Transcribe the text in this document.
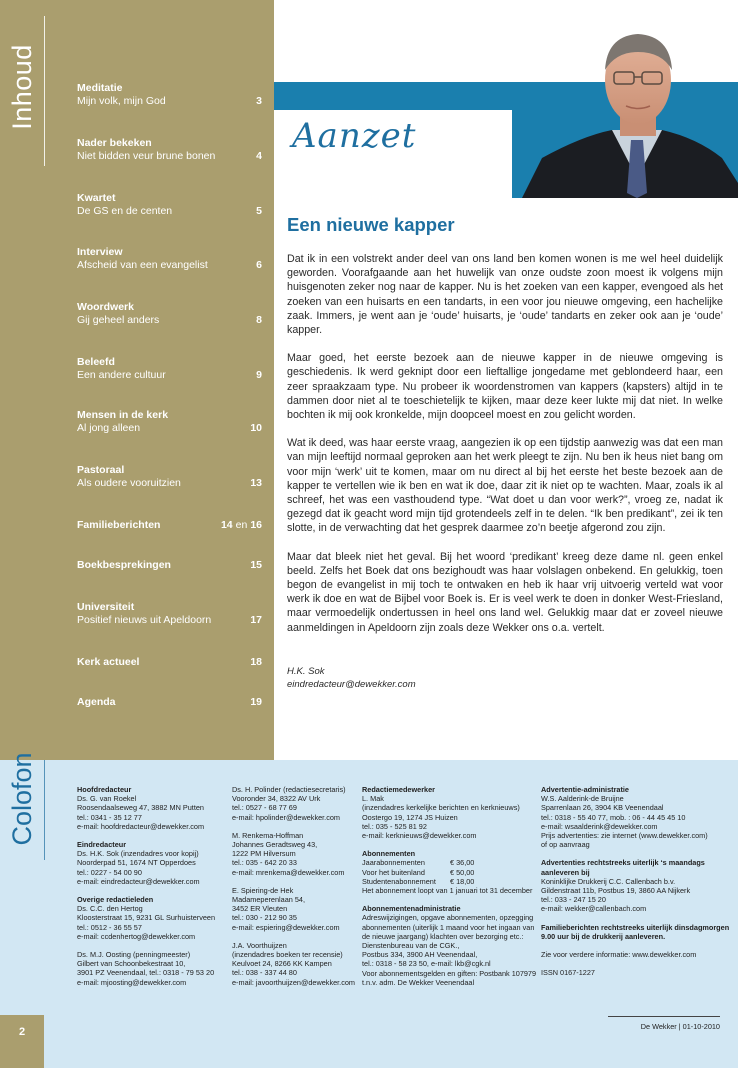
Inhoud	Meditatie
Mijn volk, mijn God	3
Nader bekeken
Niet bidden veur brune bonen	4
Kwartet
De GS en de centen	5
Interview
Afscheid van een evangelist	6
Woordwerk
Gij geheel anders	8
Beleefd
Een andere cultuur	9
Mensen in de kerk
Al jong alleen	10
Pastoraal
Als oudere vooruitzien	13
Familieberichten	14 en 16
Boekbesprekingen	15
Universiteit
Positief nieuws uit Apeldoorn	17
Kerk actueel	18
Agenda	19
Aanzet
Een nieuwe kapper

Dat ik in een volstrekt ander deel van ons land ben komen wonen is me wel heel duidelijk geworden. Voorafgaande aan het huwelijk van onze oudste zoon moest ik volgens mijn huisgenoten zeker nog naar de kapper. Nu is het zoeken van een kapper, evengoed als het zoeken van een huisarts en een tandarts, in een voor jou nieuwe omgeving, een hachelijke zaak. Immers, je went aan je ‘oude’ huisarts, je ‘oude’ tandarts en zeker ook aan je ‘oude’ kapper.

Maar goed, het eerste bezoek aan de nieuwe kapper in de nieuwe omgeving is geschiedenis. Ik werd geknipt door een lieftallige jongedame met geblondeerd haar, een zeer spraakzaam type. Nu probeer ik woordenstromen van kappers (kapsters) altijd in te dammen door niet al te toeschietelijk te kijken, maar deze keer lukte mij dat niet. In welke bochten ik mij ook kronkelde, mijn doopceel moest en zou gelicht worden.

Wat ik deed, was haar eerste vraag, aangezien ik op een tijdstip aanwezig was dat een man van mijn leeftijd normaal geproken aan het werk pleegt te zijn. Nu ben ik heus niet bang om voor mijn ‘werk’ uit te komen, maar om nu direct al bij het eerste het beste bezoek aan de kapper te vertellen wie ik ben en wat ik doe, daar zit ik niet op te wachten. Maar, zoals ik al schreef, het was een vasthoudend type. “Wat doet u dan voor werk?”, vroeg ze, nadat ik gezegd dat ik geacht word mijn tijd grotendeels zelf in te delen. “Ik ben predikant”, zei ik ten slotte, in de verwachting dat het gesprek daarmee zo’n beetje afgerond zou zijn.

Maar dat bleek niet het geval. Bij het woord ‘predikant’ kreeg deze dame nl. geen enkel beeld. Zelfs het Boek dat ons bezighoudt was haar volslagen onbekend. En gelukkig, toen begon de evangelist in mij toch te ontwaken en heb ik haar vrij uitvoerig verteld wat voor werk ik doe en wat de Bijbel voor Boek is. Er is veel werk te doen in donker West-Friesland, maar vermoedelijk ondertussen in heel ons land wel. Gelukkig maar dat er zoveel nieuwe aanmeldingen in Apeldoorn zijn zoals deze Wekker ons o.a. vertelt.

H.K. Sok
eindredacteur@dewekker.com
Colofon	Hoofdredacteur
Ds. G. van Roekel
Roosendaalseweg 47, 3882 MN Putten
tel.: 0341 - 35 12 77
e-mail: hoofdredacteur@dewekker.com
Eindredacteur
Ds. H.K. Sok (inzendadres voor kopij)
Noorderpad 51, 1674 NT Opperdoes
tel.: 0227 - 54 00 90
e-mail: eindredacteur@dewekker.com
Overige redactieleden
Ds. C.C. den Hertog
Kloosterstraat 15, 9231 GL Surhuisterveen
tel.: 0512 - 36 55 57
e-mail: ccdenhertog@dewekker.com
Ds. M.J. Oosting (penningmeester)
Gilbert van Schoonbekestraat 10,
3901 PZ Veenendaal, tel.: 0318 - 79 53 20
e-mail: mjoosting@dewekker.com
Ds. H. Polinder (redactiesecretaris)
Vooronder 34, 8322 AV Urk
tel.: 0527 - 68 77 69
e-mail: hpolinder@dewekker.com
M. Renkema-Hoffman
Johannes Geradtsweg 43,
1222 PM Hilversum
tel.: 035 - 642 20 33
e-mail: mrenkema@dewekker.com
E. Spiering-de Hek
Madameperenlaan 54,
3452 ER Vleuten
tel.: 030 - 212 90 35
e-mail: espiering@dewekker.com
J.A. Voorthuijzen
(inzendadres boeken ter recensie)
Keulvoet 24, 8266 KK Kampen
tel.: 038 - 337 44 80
e-mail: javoorthuijzen@dewekker.com
Redactiemedewerker
L. Mak
(inzendadres kerkelijke berichten en kerknieuws)
Oostergo 19, 1274 JS Huizen
tel.: 035 - 525 81 92
e-mail: kerknieuws@dewekker.com
Abonnementen
Jaarabonnementen	€ 36,00
Voor het buitenland	€ 50,00
Studentenabonnement € 18,00
Het abonnement loopt van 1 januari tot 31 december
Abonnementenadministratie
Adreswijzigingen, opgave abonnementen, opzegging
abonnementen (uiterlijk 1 maand voor het ingaan van
de nieuwe jaargang) klachten over bezorging etc.:
Dienstenbureau van de CGK.,
Postbus 334, 3900 AH Veenendaal,
tel.: 0318 - 58 23 50, e-mail: lkb@cgk.nl
Voor abonnementsgelden en giften: Postbank 107979
t.n.v. adm. De Wekker Veenendaal
Advertentie-administratie
W.S. Aalderink-de Bruijne
Sparrenlaan 26, 3904 KB Veenendaal
tel.: 0318 - 55 40 77, mob. : 06 - 44 45 45 10
e-mail: wsaalderink@dewekker.com
Prijs advertenties: zie internet (www.dewekker.com)
of op aanvraag
Advertenties rechtstreeks uiterlijk ‘s maandags aanleveren bij
Koninklijke Drukkerij C.C. Callenbach b.v.
Gildenstraat 11b, Postbus 19, 3860 AA Nijkerk
tel.: 033 - 247 15 20
e-mail: wekker@callenbach.com
Familieberichten rechtstreeks uiterlijk dinsdagmorgen 9.00 uur bij de drukkerij aanleveren.
Zie voor verdere informatie: www.dewekker.com
ISSN 0167-1227
2	De Wekker | 01-10-2010
